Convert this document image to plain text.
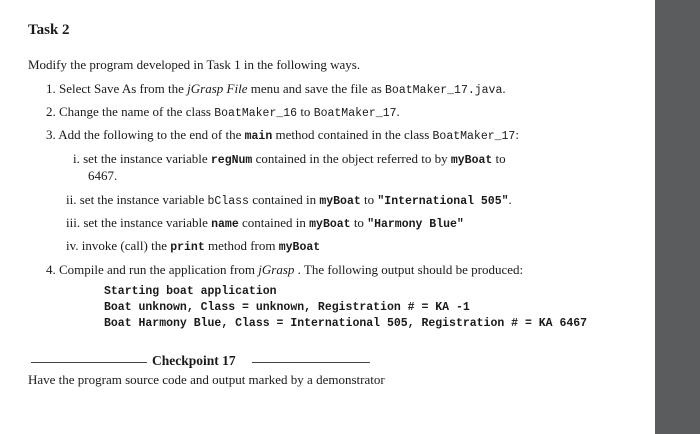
Task 2
Modify the program developed in Task 1 in the following ways.
1. Select Save As from the jGrasp File menu and save the file as BoatMaker_17.java.
2. Change the name of the class BoatMaker_16 to BoatMaker_17.
3. Add the following to the end of the main method contained in the class BoatMaker_17:
i. set the instance variable regNum contained in the object referred to by myBoat to
6467.
ii. set the instance variable bClass contained in myBoat to "International 505".
iii. set the instance variable name contained in myBoat to "Harmony Blue"
iv. invoke (call) the print method from myBoat
4. Compile and run the application from jGrasp . The following output should be produced:
Starting boat application
Boat unknown, Class = unknown, Registration # = KA -1
Boat Harmony Blue, Class = International 505, Registration # = KA 6467
Checkpoint 17
Have the program source code and output marked by a demonstrator
